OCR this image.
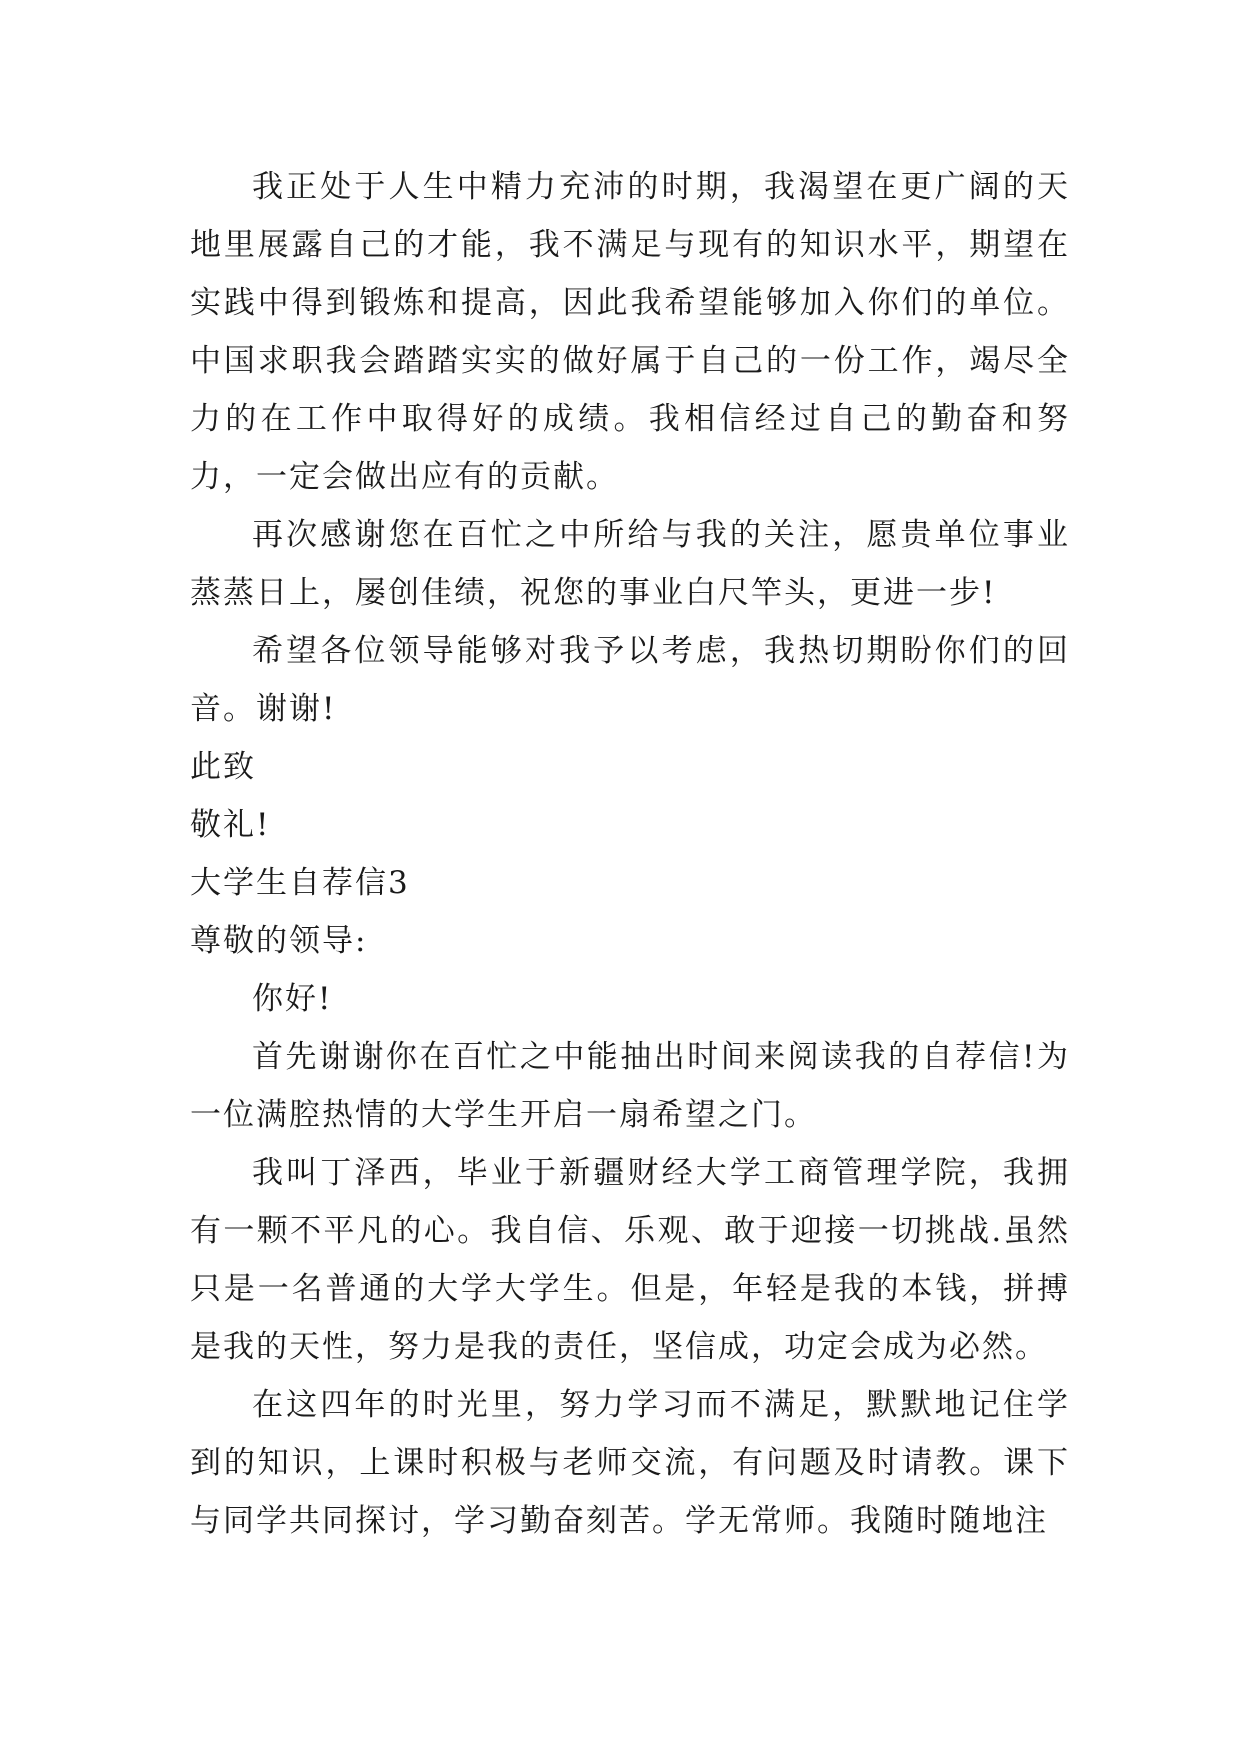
我正处于人生中精力充沛的时期，我渴望在更广阔的天地里展露自己的才能，我不满足与现有的知识水平，期望在实践中得到锻炼和提高，因此我希望能够加入你们的单位。中国求职我会踏踏实实的做好属于自己的一份工作，竭尽全力的在工作中取得好的成绩。我相信经过自己的勤奋和努力，一定会做出应有的贡献。

再次感谢您在百忙之中所给与我的关注，愿贵单位事业蒸蒸日上，屡创佳绩，祝您的事业白尺竿头，更进一步!

希望各位领导能够对我予以考虑，我热切期盼你们的回音。谢谢!

此致

敬礼!

大学生自荐信3

尊敬的领导:

你好!

首先谢谢你在百忙之中能抽出时间来阅读我的自荐信!为一位满腔热情的大学生开启一扇希望之门。

我叫丁泽西，毕业于新疆财经大学工商管理学院，我拥有一颗不平凡的心。我自信、乐观、敢于迎接一切挑战.虽然只是一名普通的大学大学生。但是，年轻是我的本钱，拼搏是我的天性，努力是我的责任，坚信成，功定会成为必然。

在这四年的时光里，努力学习而不满足，默默地记住学到的知识，上课时积极与老师交流，有问题及时请教。课下与同学共同探讨，学习勤奋刻苦。学无常师。我随时随地注
